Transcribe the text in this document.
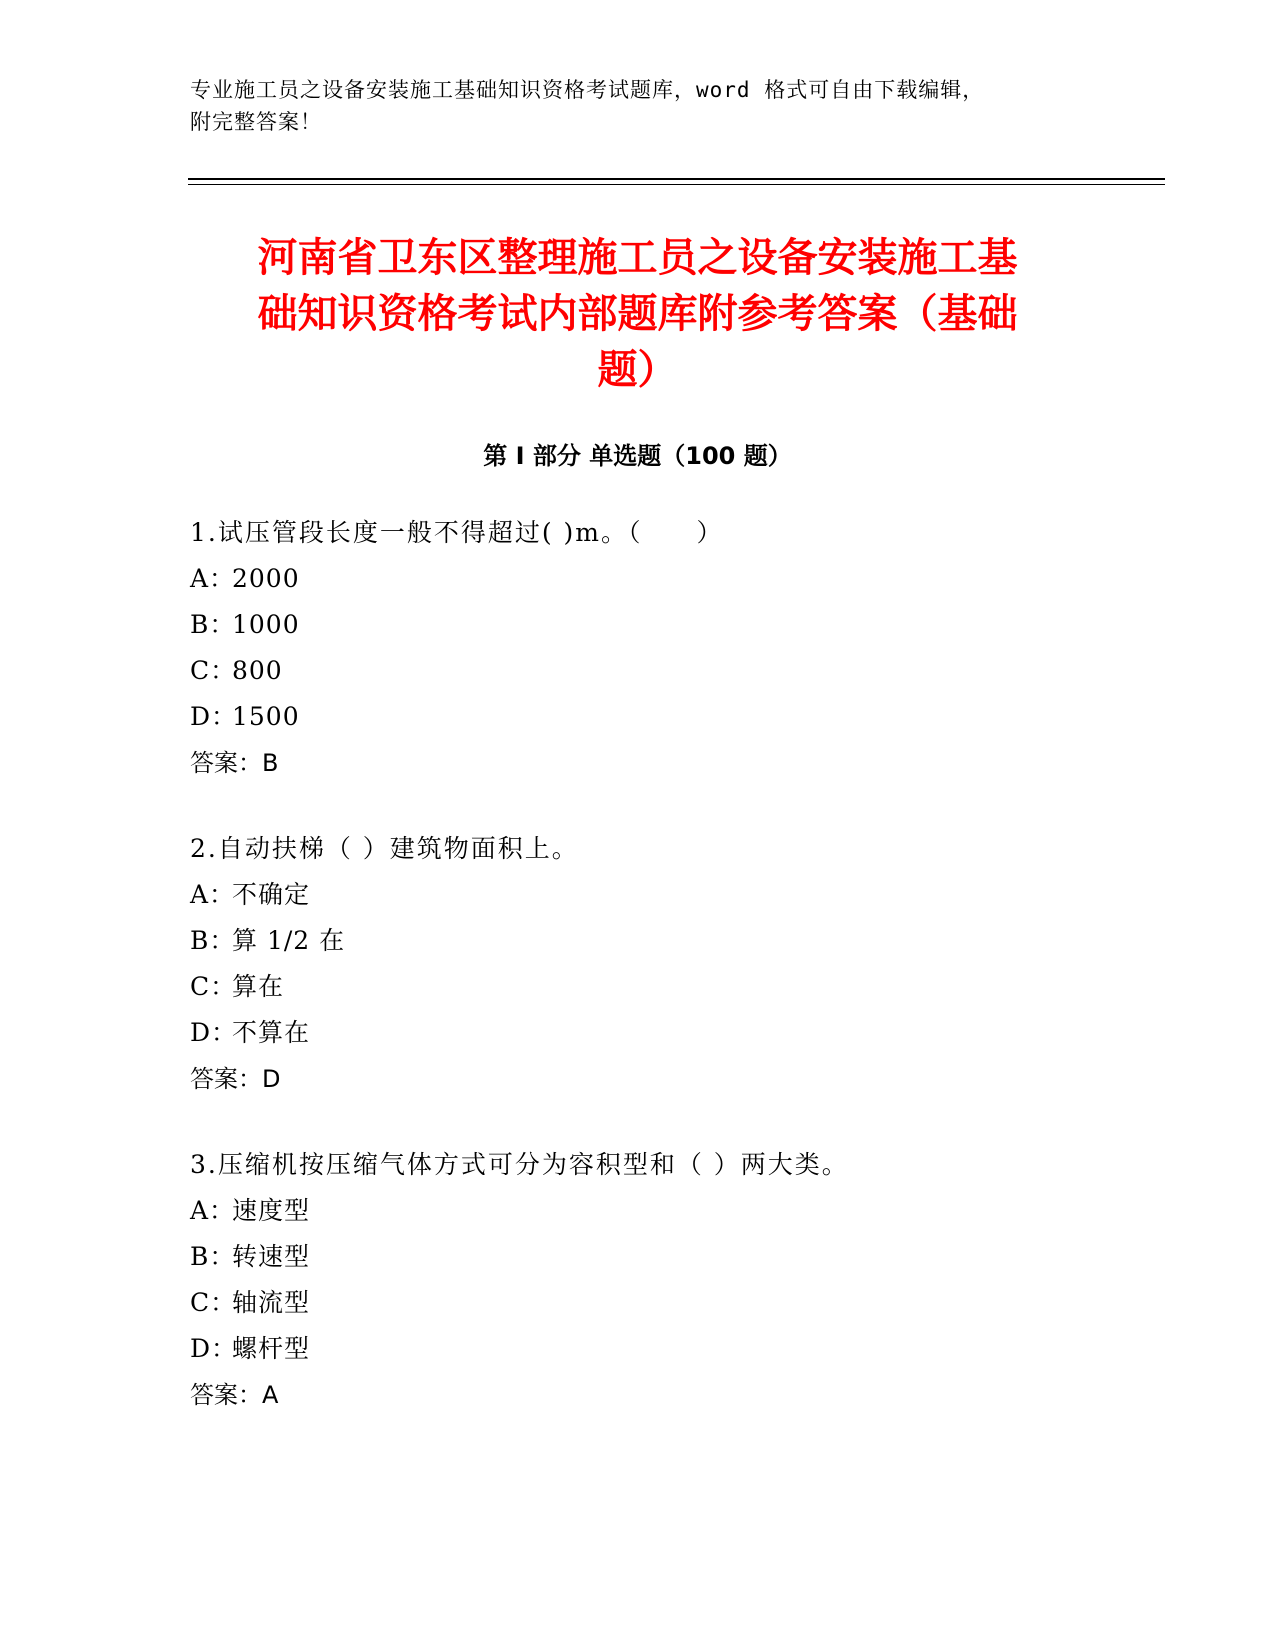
专业施工员之设备安装施工基础知识资格考试题库，word 格式可自由下载编辑，
附完整答案！
河南省卫东区整理施工员之设备安装施工基
础知识资格考试内部题库附参考答案（基础
题）
第 I 部分 单选题（100 题）
1.试压管段长度一般不得超过( )m。（　　）
A：2000
B：1000
C：800
D：1500
答案：B
2.自动扶梯（ ）建筑物面积上。
A：不确定
B：算 1/2 在
C：算在
D：不算在
答案：D
3.压缩机按压缩气体方式可分为容积型和（ ）两大类。
A：速度型
B：转速型
C：轴流型
D：螺杆型
答案：A
